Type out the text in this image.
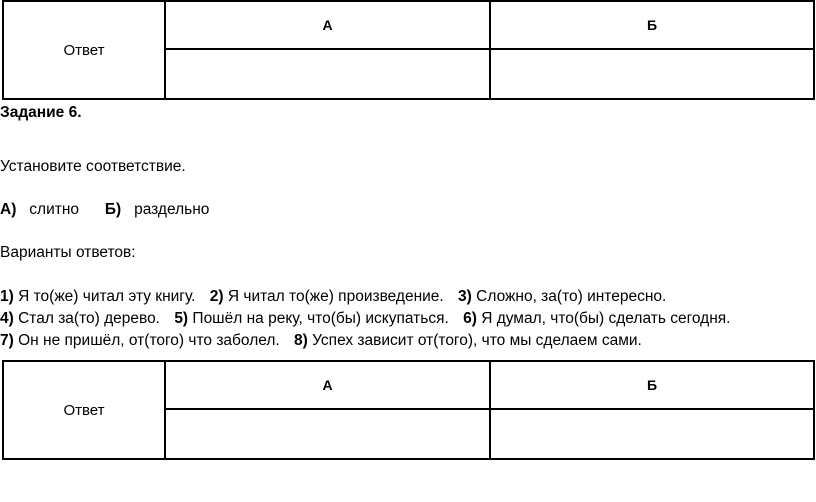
Ответ	А	Б

Задание 6.
Установите соответствие.
А) слитно Б) раздельно
Варианты ответов:
1) Я то(же) читал эту книгу. 2) Я читал то(же) произведение. 3) Сложно, за(то) интересно. 4) Стал за(то) дерево. 5) Пошёл на реку, что(бы) искупаться. 6) Я думал, что(бы) сделать сегодня. 7) Он не пришёл, от(того) что заболел. 8) Успех зависит от(того), что мы сделаем сами.
Ответ	А	Б
